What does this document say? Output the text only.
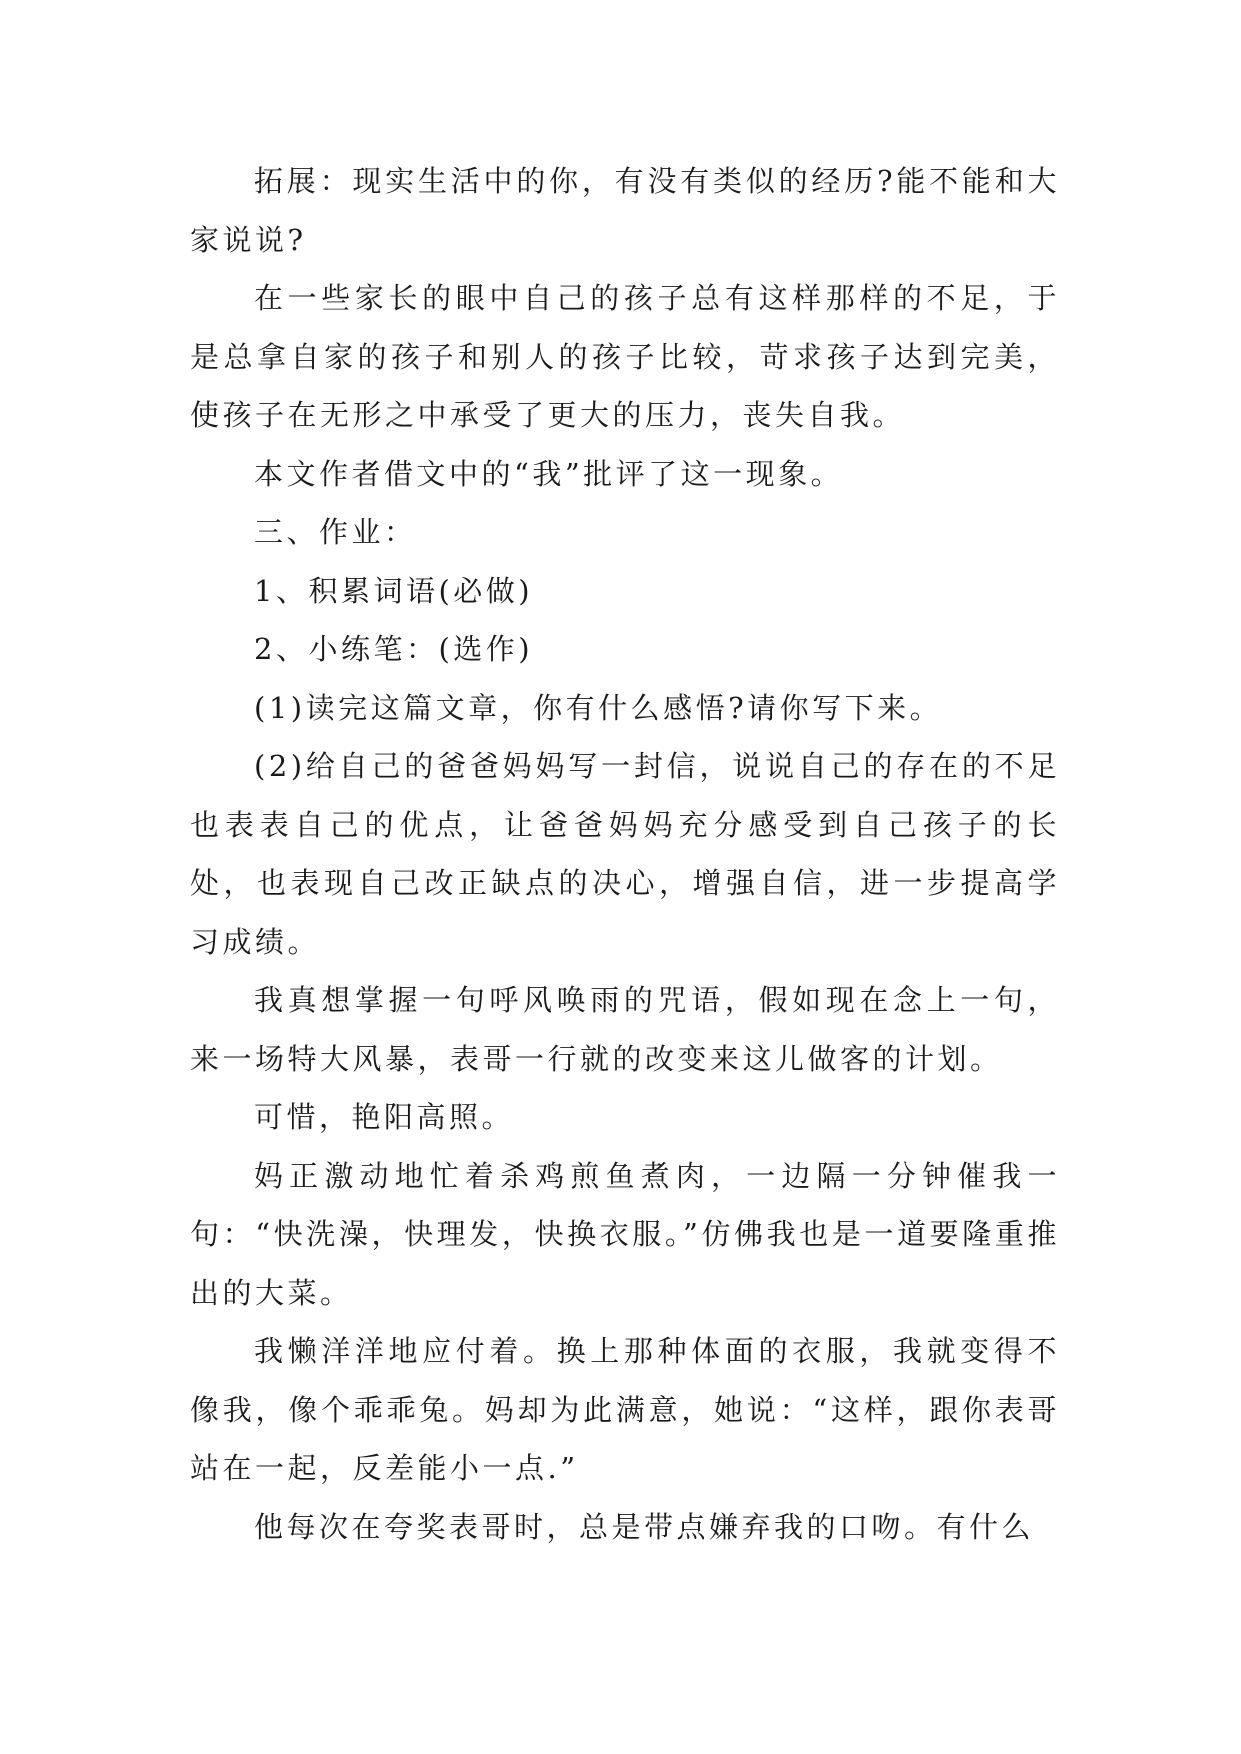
拓展：现实生活中的你，有没有类似的经历?能不能和大家说说?

在一些家长的眼中自己的孩子总有这样那样的不足，于是总拿自家的孩子和别人的孩子比较，苛求孩子达到完美，使孩子在无形之中承受了更大的压力，丧失自我。

本文作者借文中的“我”批评了这一现象。

三、作业：

1、积累词语(必做)

2、小练笔：(选作)

(1)读完这篇文章，你有什么感悟?请你写下来。

(2)给自己的爸爸妈妈写一封信，说说自己的存在的不足也表表自己的优点，让爸爸妈妈充分感受到自己孩子的长处，也表现自己改正缺点的决心，增强自信，进一步提高学习成绩。

我真想掌握一句呼风唤雨的咒语，假如现在念上一句，来一场特大风暴，表哥一行就的改变来这儿做客的计划。

可惜，艳阳高照。

妈正激动地忙着杀鸡煎鱼煮肉，一边隔一分钟催我一句：“快洗澡，快理发，快换衣服。”仿佛我也是一道要隆重推出的大菜。

我懒洋洋地应付着。换上那种体面的衣服，我就变得不像我，像个乖乖兔。妈却为此满意，她说：“这样，跟你表哥站在一起，反差能小一点.”

他每次在夸奖表哥时，总是带点嫌弃我的口吻。有什么
